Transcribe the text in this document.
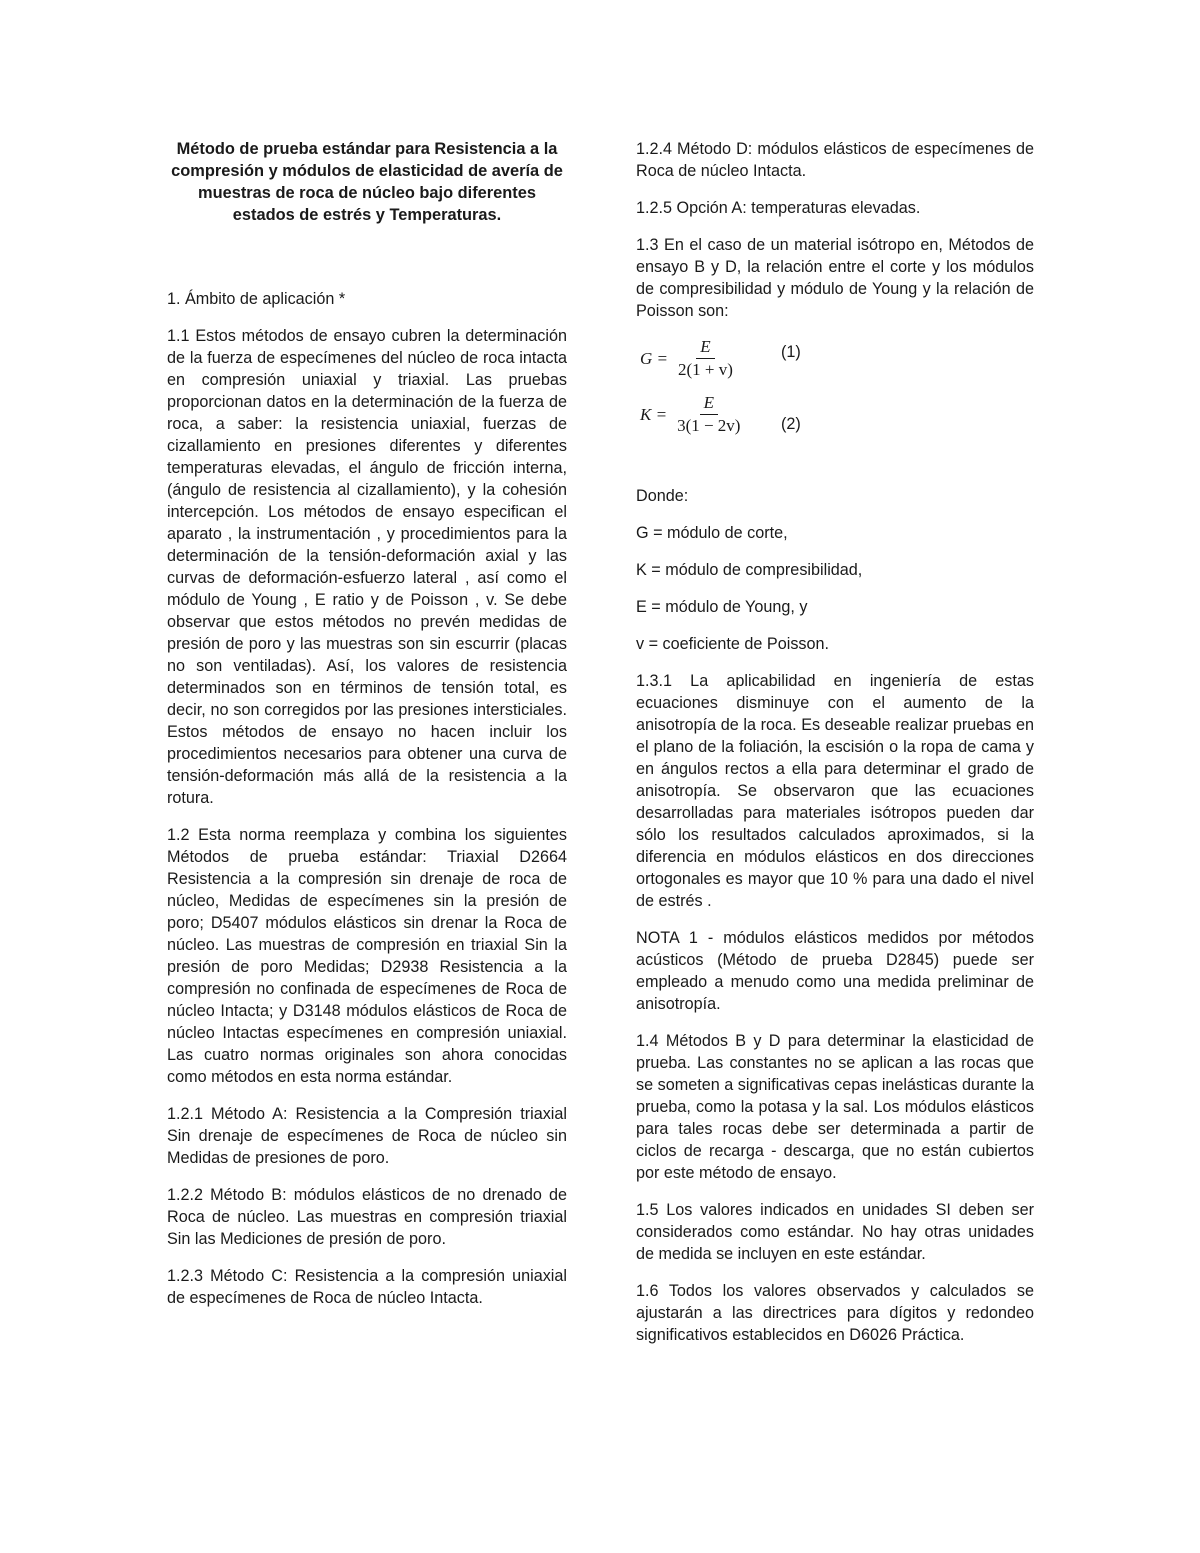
Método de prueba estándar para Resistencia a la compresión y módulos de elasticidad de avería de muestras de roca de núcleo bajo diferentes estados de estrés y Temperaturas.

1. Ámbito de aplicación *

1.1 Estos métodos de ensayo cubren la determinación de la fuerza de especímenes del núcleo de roca intacta en compresión uniaxial y triaxial. Las pruebas proporcionan datos en la determinación de la fuerza de roca, a saber: la resistencia uniaxial, fuerzas de cizallamiento en presiones diferentes y diferentes temperaturas elevadas, el ángulo de fricción interna, (ángulo de resistencia al cizallamiento), y la cohesión intercepción. Los métodos de ensayo especifican el aparato , la instrumentación , y procedimientos para la determinación de la tensión-deformación axial y las curvas de deformación-esfuerzo lateral , así como el módulo de Young , E ratio y de Poisson , v. Se debe observar que estos métodos no prevén medidas de presión de poro y las muestras son sin escurrir (placas no son ventiladas). Así, los valores de resistencia determinados son en términos de tensión total, es decir, no son corregidos por las presiones intersticiales. Estos métodos de ensayo no hacen incluir los procedimientos necesarios para obtener una curva de tensión-deformación más allá de la resistencia a la rotura.

1.2 Esta norma reemplaza y combina los siguientes Métodos de prueba estándar: Triaxial D2664 Resistencia a la compresión sin drenaje de roca de núcleo, Medidas de especímenes sin la presión de poro; D5407 módulos elásticos sin drenar la Roca de núcleo. Las muestras de compresión en triaxial Sin la presión de poro Medidas; D2938 Resistencia a la compresión no confinada de especímenes de Roca de núcleo Intacta; y D3148 módulos elásticos de Roca de núcleo Intactas especímenes en compresión uniaxial. Las cuatro normas originales son ahora conocidas como métodos en esta norma estándar.

1.2.1 Método A: Resistencia a la Compresión triaxial Sin drenaje de especímenes de Roca de núcleo sin Medidas de presiones de poro.

1.2.2 Método B: módulos elásticos de no drenado de Roca de núcleo. Las muestras en compresión triaxial Sin las Mediciones de presión de poro.

1.2.3 Método C: Resistencia a la compresión uniaxial de especímenes de Roca de núcleo Intacta.

1.2.4 Método D: módulos elásticos de especímenes de Roca de núcleo Intacta.

1.2.5 Opción A: temperaturas elevadas.

1.3 En el caso de un material isótropo en, Métodos de ensayo B y D, la relación entre el corte y los módulos de compresibilidad y módulo de Young y la relación de Poisson son:

$G = \frac{E}{2(1 + v)}$	(1)
$K = \frac{E}{3(1 - 2v)}$	(2)

Donde:

G = módulo de corte,

K = módulo de compresibilidad,

E = módulo de Young, y

v = coeficiente de Poisson.

1.3.1 La aplicabilidad en ingeniería de estas ecuaciones disminuye con el aumento de la anisotropía de la roca. Es deseable realizar pruebas en el plano de la foliación, la escisión o la ropa de cama y en ángulos rectos a ella para determinar el grado de anisotropía. Se observaron que las ecuaciones desarrolladas para materiales isótropos pueden dar sólo los resultados calculados aproximados, si la diferencia en módulos elásticos en dos direcciones ortogonales es mayor que 10 % para una dado el nivel de estrés .

NOTA 1 - módulos elásticos medidos por métodos acústicos (Método de prueba D2845) puede ser empleado a menudo como una medida preliminar de anisotropía.

1.4 Métodos B y D para determinar la elasticidad de prueba. Las constantes no se aplican a las rocas que se someten a significativas cepas inelásticas durante la prueba, como la potasa y la sal. Los módulos elásticos para tales rocas debe ser determinada a partir de ciclos de recarga - descarga, que no están cubiertos por este método de ensayo.

1.5 Los valores indicados en unidades SI deben ser considerados como estándar. No hay otras unidades de medida se incluyen en este estándar.

1.6 Todos los valores observados y calculados se ajustarán a las directrices para dígitos y redondeo significativos establecidos en D6026 Práctica.
